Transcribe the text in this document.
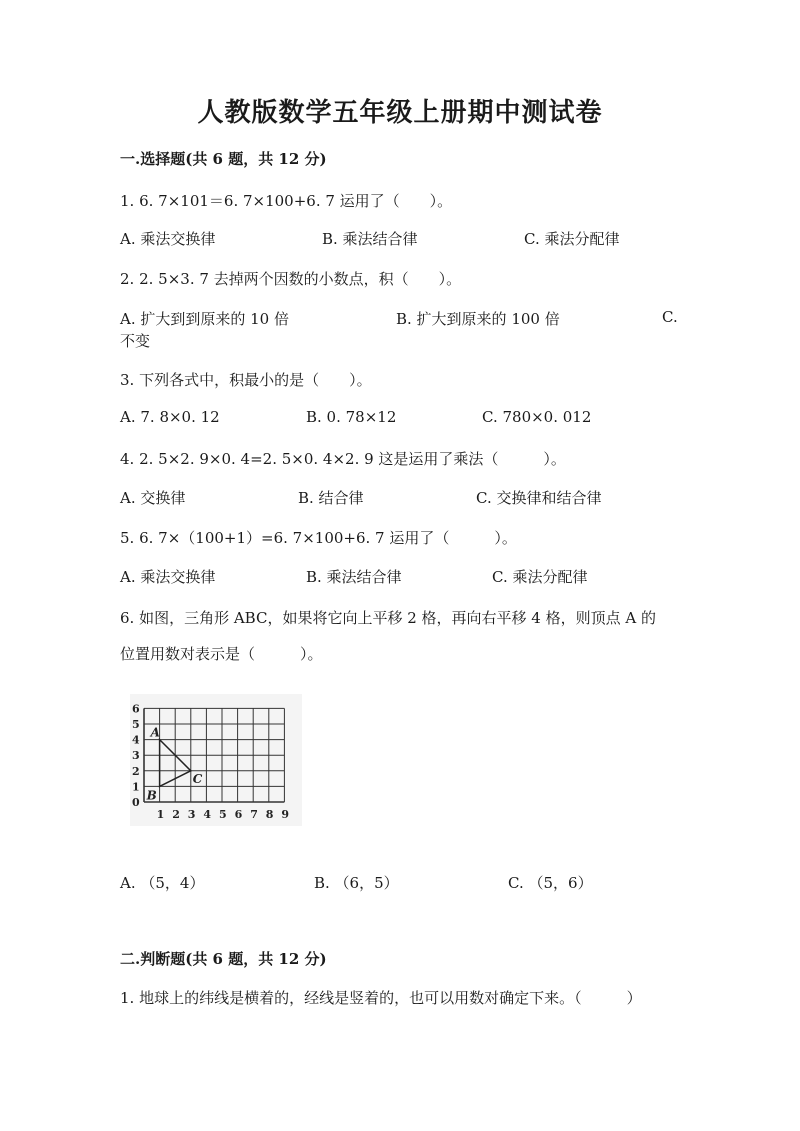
人教版数学五年级上册期中测试卷
一.选择题(共 6 题，共 12 分)
1. 6. 7×101＝6. 7×100+6. 7 运用了（　　）。
A. 乘法交换律	B. 乘法结合律	C. 乘法分配律
2. 2. 5×3. 7 去掉两个因数的小数点，积（　　）。
A. 扩大到到原来的 10 倍	B. 扩大到原来的 100 倍	C.
不变
3. 下列各式中，积最小的是（　　）。
A. 7. 8×0. 12	B. 0. 78×12	C. 780×0. 012
4. 2. 5×2. 9×0. 4=2. 5×0. 4×2. 9 这是运用了乘法（　　　）。
A. 交换律	B. 结合律	C. 交换律和结合律
5. 6. 7×（100+1）=6. 7×100+6. 7 运用了（　　　）。
A. 乘法交换律	B. 乘法结合律	C. 乘法分配律
6. 如图，三角形 ABC，如果将它向上平移 2 格，再向右平移 4 格，则顶点 A 的
位置用数对表示是（　　　）。
0
1
2
3
4
5
6
1 2 3 4 5 6 7 8 9
A
B
C
A. （5，4）	B. （6，5）	C. （5，6）
二.判断题(共 6 题，共 12 分)
1. 地球上的纬线是横着的，经线是竖着的，也可以用数对确定下来。（　　　）
